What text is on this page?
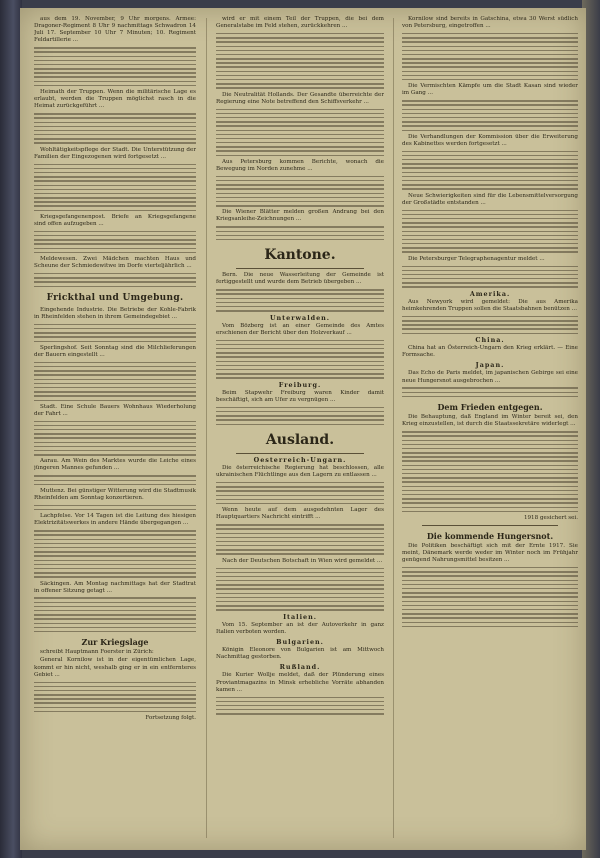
aus dem 19. November, 9 Uhr morgens. Armee: Dragoner-Regiment 8 Uhr 9 nachmittags Schwadron 14 Juli 17. September 10 Uhr 7 Minuten; 10. Regiment Feldartillerie ...

Heimath der Truppen. Wenn die militärische Lage es erlaubt, werden die Truppen möglichst rasch in die Heimat zurückgeführt ...

Wohltätigkeitspflege der Stadt. Die Unterstützung der Familien der Eingezogenen wird fortgesetzt ...

Kriegsgefangenenpost. Briefe an Kriegsgefangene sind offen aufzugeben ...

Meldewesen. Zwei Mädchen machten Haus und Scheune der Schmiedewitwe im Dorfe vierteljährlich ...

Frickthal und Umgebung.

Eingehende Industrie. Die Betriebe der Kohle-Fabrik in Rheinfelden stehen in ihrem Gemeindegebiet ...

Sperlingshof. Seit Sonntag sind die Milchlieferungen der Bauern eingestellt ...

Stadt. Eine Schule Bauers Wohnhaus Wiederholung der Fahrt ...

Aarau. Am Wein des Marktes wurde die Leiche eines jüngeren Mannes gefunden ...

Muttenz. Bei günstiger Witterung wird die Stadtmusik Rheinfelden am Sonntag konzertieren.

Lachpfelse. Vor 14 Tagen ist die Leitung des hiesigen Elektrizitätswerkes in andere Hände übergegangen ...

Säckingen. Am Montag nachmittags hat der Stadtrat in offener Sitzung getagt ...

Zur Kriegslage

schreibt Hauptmann Foerster in Zürich:

General Kornilow ist in der eigentümlichen Lage, kommt er hin nicht, weshalb ging er in ein entfernteres Gebiet ...

Fortsetzung folgt.

wird er mit einem Teil der Truppen, die bei dem Generalstabe im Feld stehen, zurückkehren ...

Die Neutralität Hollands. Der Gesandte überreichte der Regierung eine Note betreffend den Schiffsverkehr ...

Aus Petersburg kommen Berichte, wonach die Bewegung im Norden zunehme ...

Die Wiener Blätter melden großen Andrang bei den Kriegsanleihe-Zeichnungen ...

Kantone.

Bern. Die neue Wasserleitung der Gemeinde ist fertiggestellt und wurde dem Betrieb übergeben ...

Unterwalden.

Vom Bözberg ist an einer Gemeinde des Amtes erschienen der Bericht über den Holzverkauf ...

Freiburg.

Beim Stapwehr Freiburg waren Kinder damit beschäftigt, sich am Ufer zu vergnügen ...

Ausland.
Oesterreich-Ungarn.

Die österreichische Regierung hat beschlossen, alle ukrainischen Flüchtlinge aus den Lagern zu entlassen ...

Wenn heute auf dem ausgedehnten Lager des Hauptquartiers Nachricht eintrifft ...

Nach der Deutschen Botschaft in Wien wird gemeldet ...

Italien.

Vom 15. September an ist der Autoverkehr in ganz Italien verboten worden.

Bulgarien.

Königin Eleonore von Bulgarien ist am Mittwoch Nachmittag gestorben.

Rußland.

Die Kurier Wollje meldet, daß der Plünderung eines Proviantmagazins in Minsk erhebliche Vorräte abhanden kamen ...

Kornilow sind bereits in Gatschina, etwa 30 Werst südlich von Petersburg, eingetroffen ...

Die Vermischten Kämpfe um die Stadt Kasan sind wieder im Gang ...

Die Verhandlungen der Kommission über die Erweiterung des Kabinettes werden fortgesetzt ...

Neue Schwierigkeiten sind für die Lebensmittelversorgung der Großstädte entstanden ...

Die Petersburger Telegraphenagentur meldet ...

Amerika.

Aus Newyork wird gemeldet: Die aus Amerika heimkehrenden Truppen sollen die Staatsbahnen benützen ...

China.

China hat an Österreich-Ungarn den Krieg erklärt. — Eine Formsache.

Japan.

Das Echo de Paris meldet, im japanischen Gebirge sei eine neue Hungersnot ausgebrochen ...

Dem Frieden entgegen.

Die Behauptung, daß England im Winter bereit sei, den Krieg einzustellen, ist durch die Staatssekretäre widerlegt ...

1918 gesichert sei.
Die kommende Hungersnot.

Die Politiken beschäftigt sich mit der Ernte 1917. Sie meint, Dänemark werde weder im Winter noch im Frühjahr genügend Nahrungsmittel besitzen ...
